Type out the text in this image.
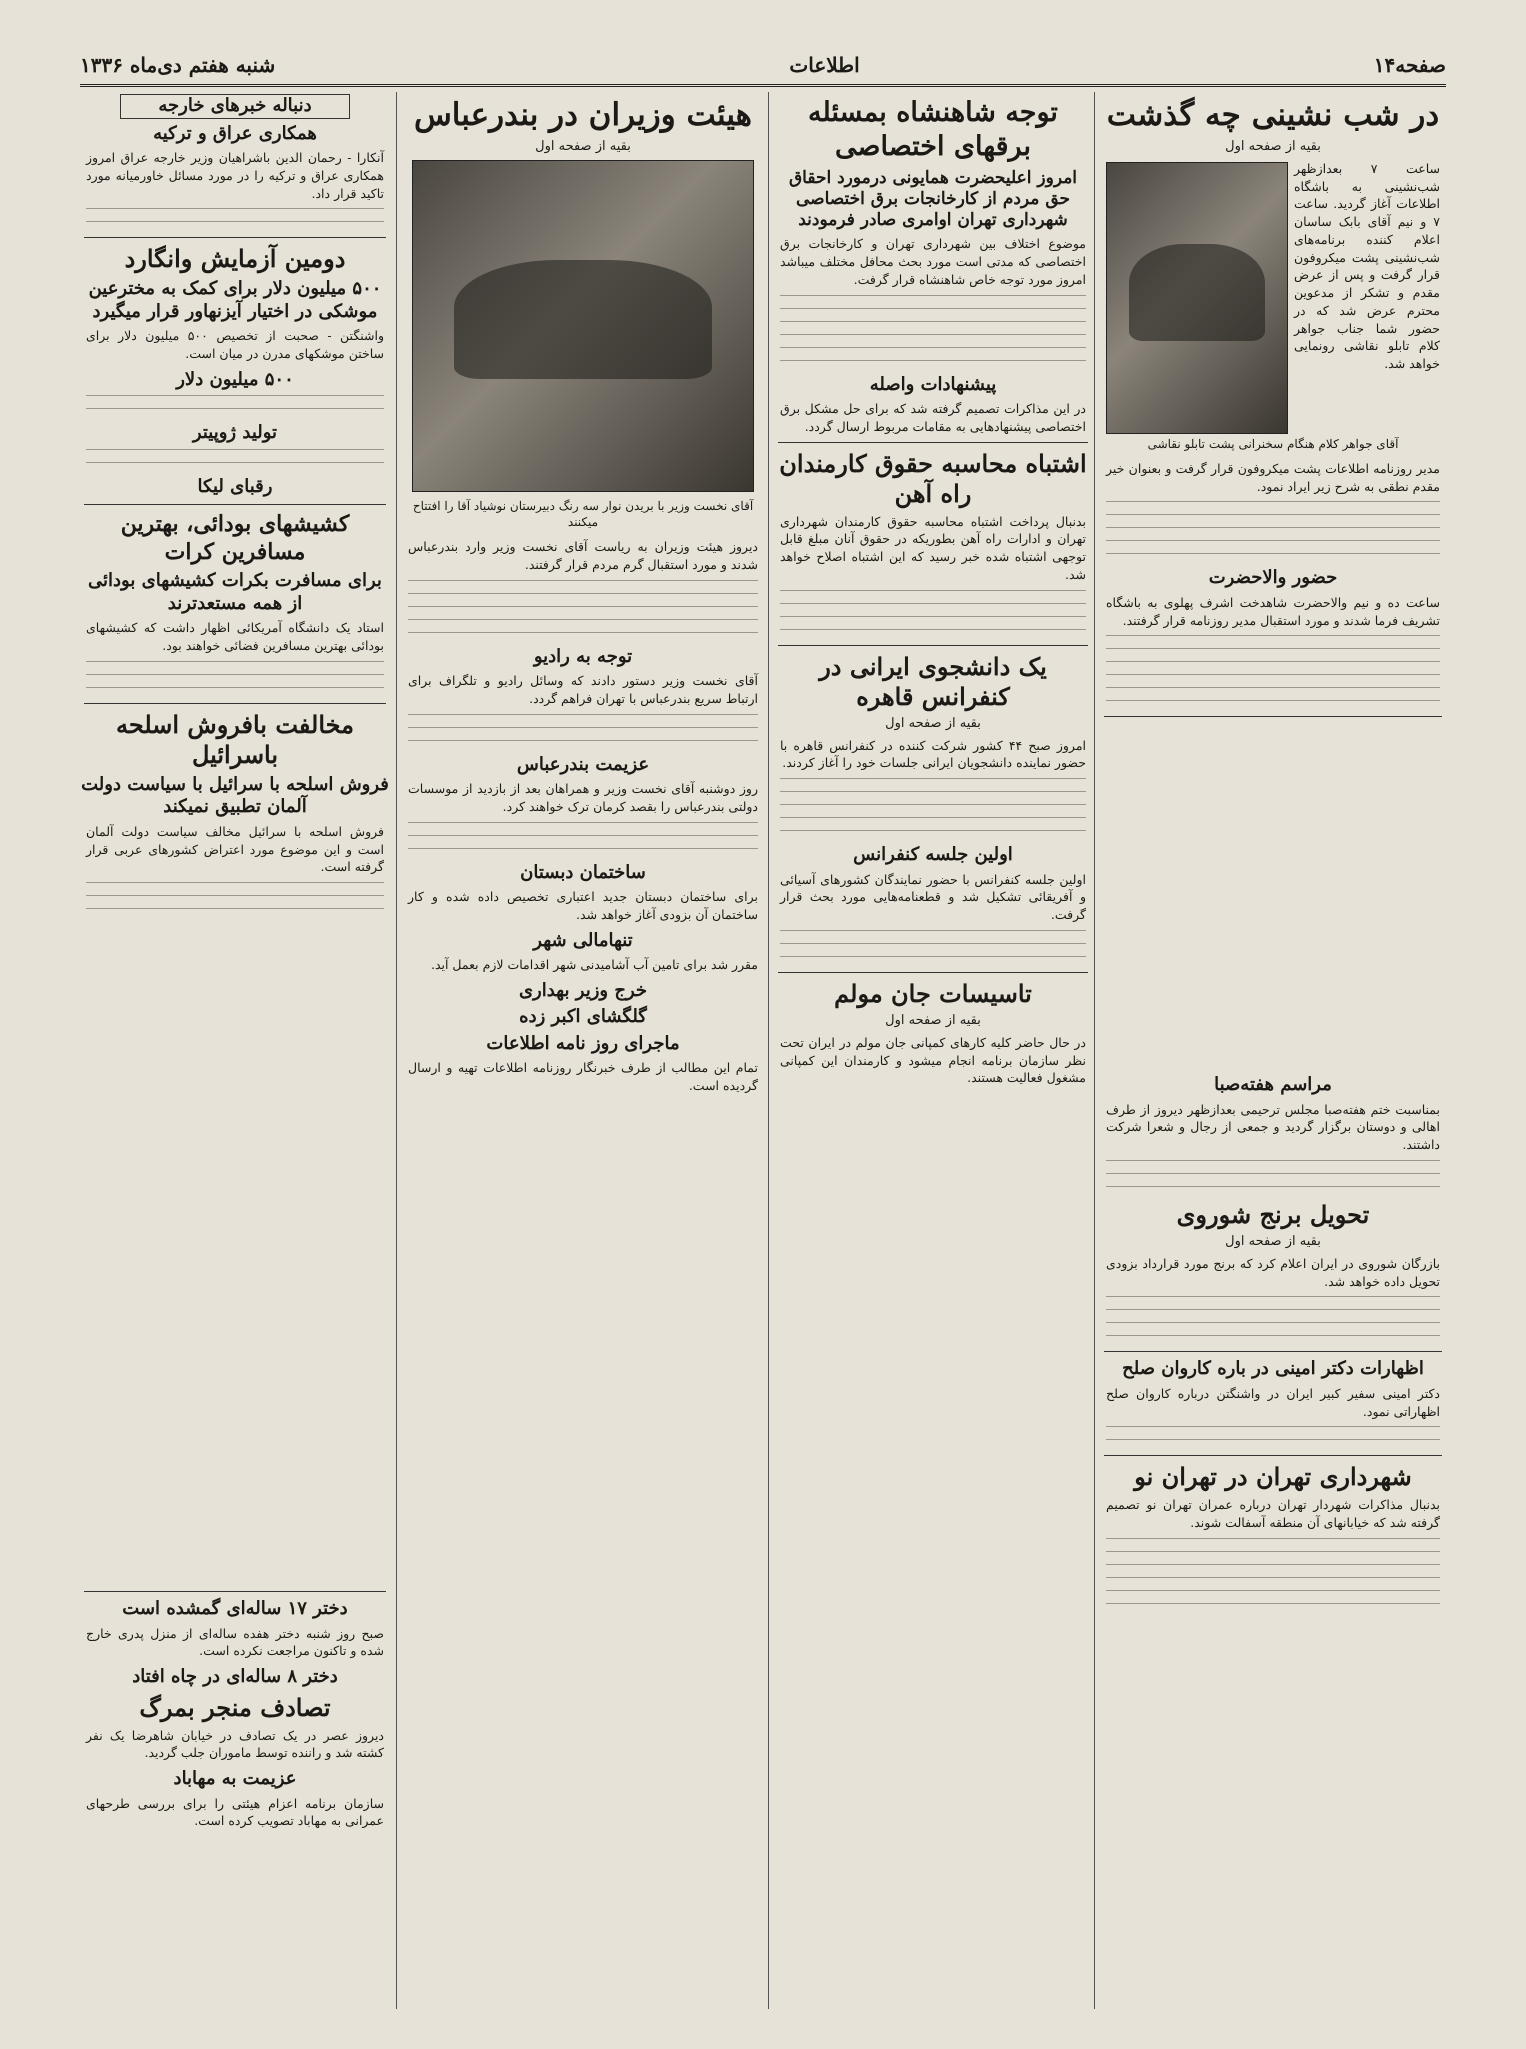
صفحه۱۴
اطلاعات
شنبه هفتم دی‌ماه ۱۳۳۶
در شب نشینی چه گذشت
بقیه از صفحه اول

ساعت ۷ بعدازظهر شب‌نشینی به باشگاه اطلاعات آغاز گردید. ساعت ۷ و نیم آقای بابک ساسان اعلام کننده برنامه‌های شب‌نشینی پشت میکروفون قرار گرفت و پس از عرض مقدم و تشکر از مدعوین محترم عرض شد که در حضور شما جناب جواهر کلام تابلو نقاشی رونمایی خواهد شد.

آقای جواهر کلام هنگام سخنرانی پشت تابلو نقاشی

مدیر روزنامه اطلاعات پشت میکروفون قرار گرفت و بعنوان خیر مقدم نطقی به شرح زیر ایراد نمود.

حضور والاحضرت

ساعت ده و نیم والاحضرت شاهدخت اشرف پهلوی به باشگاه تشریف فرما شدند و مورد استقبال مدیر روزنامه قرار گرفتند.

توجه شاهنشاه بمسئله برقهای اختصاصی
امروز اعلیحضرت همایونی درمورد احقاق حق مردم از کارخانجات برق اختصاصی شهرداری تهران اوامری صادر فرمودند

موضوع اختلاف بین شهرداری تهران و کارخانجات برق اختصاصی که مدتی است مورد بحث محافل مختلف میباشد امروز مورد توجه خاص شاهنشاه قرار گرفت.

پیشنهادات واصله

در این مذاکرات تصمیم گرفته شد که برای حل مشکل برق اختصاصی پیشنهادهایی به مقامات مربوط ارسال گردد.

اشتباه محاسبه حقوق کارمندان راه آهن

بدنبال پرداخت اشتباه محاسبه حقوق کارمندان شهرداری تهران و ادارات راه آهن بطوریکه در حقوق آنان مبلغ قابل توجهی اشتباه شده خبر رسید که این اشتباه اصلاح خواهد شد.

یک دانشجوی ایرانی در کنفرانس قاهره
بقیه از صفحه اول

امروز صبح ۴۴ کشور شرکت کننده در کنفرانس قاهره با حضور نماینده دانشجویان ایرانی جلسات خود را آغاز کردند.

اولین جلسه کنفرانس

اولین جلسه کنفرانس با حضور نمایندگان کشورهای آسیائی و آفریقائی تشکیل شد و قطعنامه‌هایی مورد بحث قرار گرفت.

تاسیسات جان مولم
بقیه از صفحه اول

در حال حاضر کلیه کارهای کمپانی جان مولم در ایران تحت نظر سازمان برنامه انجام میشود و کارمندان این کمپانی مشغول فعالیت هستند.

هیئت وزیران در بندرعباس
بقیه از صفحه اول
آقای نخست وزیر با بریدن نوار سه رنگ دبیرستان نوشیاد آقا را افتتاح میکنند

دیروز هیئت وزیران به ریاست آقای نخست وزیر وارد بندرعباس شدند و مورد استقبال گرم مردم قرار گرفتند.

توجه به رادیو

آقای نخست وزیر دستور دادند که وسائل رادیو و تلگراف برای ارتباط سریع بندرعباس با تهران فراهم گردد.

عزیمت بندرعباس

روز دوشنبه آقای نخست وزیر و همراهان بعد از بازدید از موسسات دولتی بندرعباس را بقصد کرمان ترک خواهند کرد.

ساختمان دبستان

برای ساختمان دبستان جدید اعتباری تخصیص داده شده و کار ساختمان آن بزودی آغاز خواهد شد.

تنهامالی شهر

مقرر شد برای تامین آب آشامیدنی شهر اقدامات لازم بعمل آید.

خرج وزیر بهداری
گلگشای اکبر زده
ماجرای روز نامه اطلاعات

تمام این مطالب از طرف خبرنگار روزنامه اطلاعات تهیه و ارسال گردیده است.

دنباله خبرهای خارجه
همکاری عراق و ترکیه

آنکارا - رحمان الدین باشراهیان وزیر خارجه عراق امروز همکاری عراق و ترکیه را در مورد مسائل خاورمیانه مورد تاکید قرار داد.

دومین آزمایش وانگارد
۵۰۰ میلیون دلار برای کمک به مخترعین موشکی در اختیار آیزنهاور قرار میگیرد

واشنگتن - صحبت از تخصیص ۵۰۰ میلیون دلار برای ساختن موشکهای مدرن در میان است.

۵۰۰ میلیون دلار
تولید ژوپیتر
رقبای لیکا
کشیشهای بودائی، بهترین مسافرین کرات
برای مسافرت بکرات کشیشهای بودائی از همه مستعدترند

استاد یک دانشگاه آمریکائی اظهار داشت که کشیشهای بودائی بهترین مسافرین فضائی خواهند بود.

مخالفت بافروش اسلحه باسرائیل
فروش اسلحه با سرائیل با سیاست دولت آلمان تطبیق نمیکند

فروش اسلحه با سرائیل مخالف سیاست دولت آلمان است و این موضوع مورد اعتراض کشورهای عربی قرار گرفته است.

دختر ۱۷ ساله‌ای گمشده است

صبح روز شنبه دختر هفده ساله‌ای از منزل پدری خارج شده و تاکنون مراجعت نکرده است.

دختر ۸ ساله‌ای در چاه افتاد
تصادف منجر بمرگ

دیروز عصر در یک تصادف در خیابان شاهرضا یک نفر کشته شد و راننده توسط ماموران جلب گردید.

عزیمت به مهاباد

سازمان برنامه اعزام هیئتی را برای بررسی طرحهای عمرانی به مهاباد تصویب کرده است.

مراسم هفته‌صبا

بمناسبت ختم هفته‌صبا مجلس ترحیمی بعدازظهر دیروز از طرف اهالی و دوستان برگزار گردید و جمعی از رجال و شعرا شرکت داشتند.

تحویل برنج شوروی
بقیه از صفحه اول

بازرگان شوروی در ایران اعلام کرد که برنج مورد قرارداد بزودی تحویل داده خواهد شد.

اظهارات دکتر امینی در باره کاروان صلح

دکتر امینی سفیر کبیر ایران در واشنگتن درباره کاروان صلح اظهاراتی نمود.

شهرداری تهران در تهران نو

بدنبال مذاکرات شهردار تهران درباره عمران تهران نو تصمیم گرفته شد که خیابانهای آن منطقه آسفالت شوند.
